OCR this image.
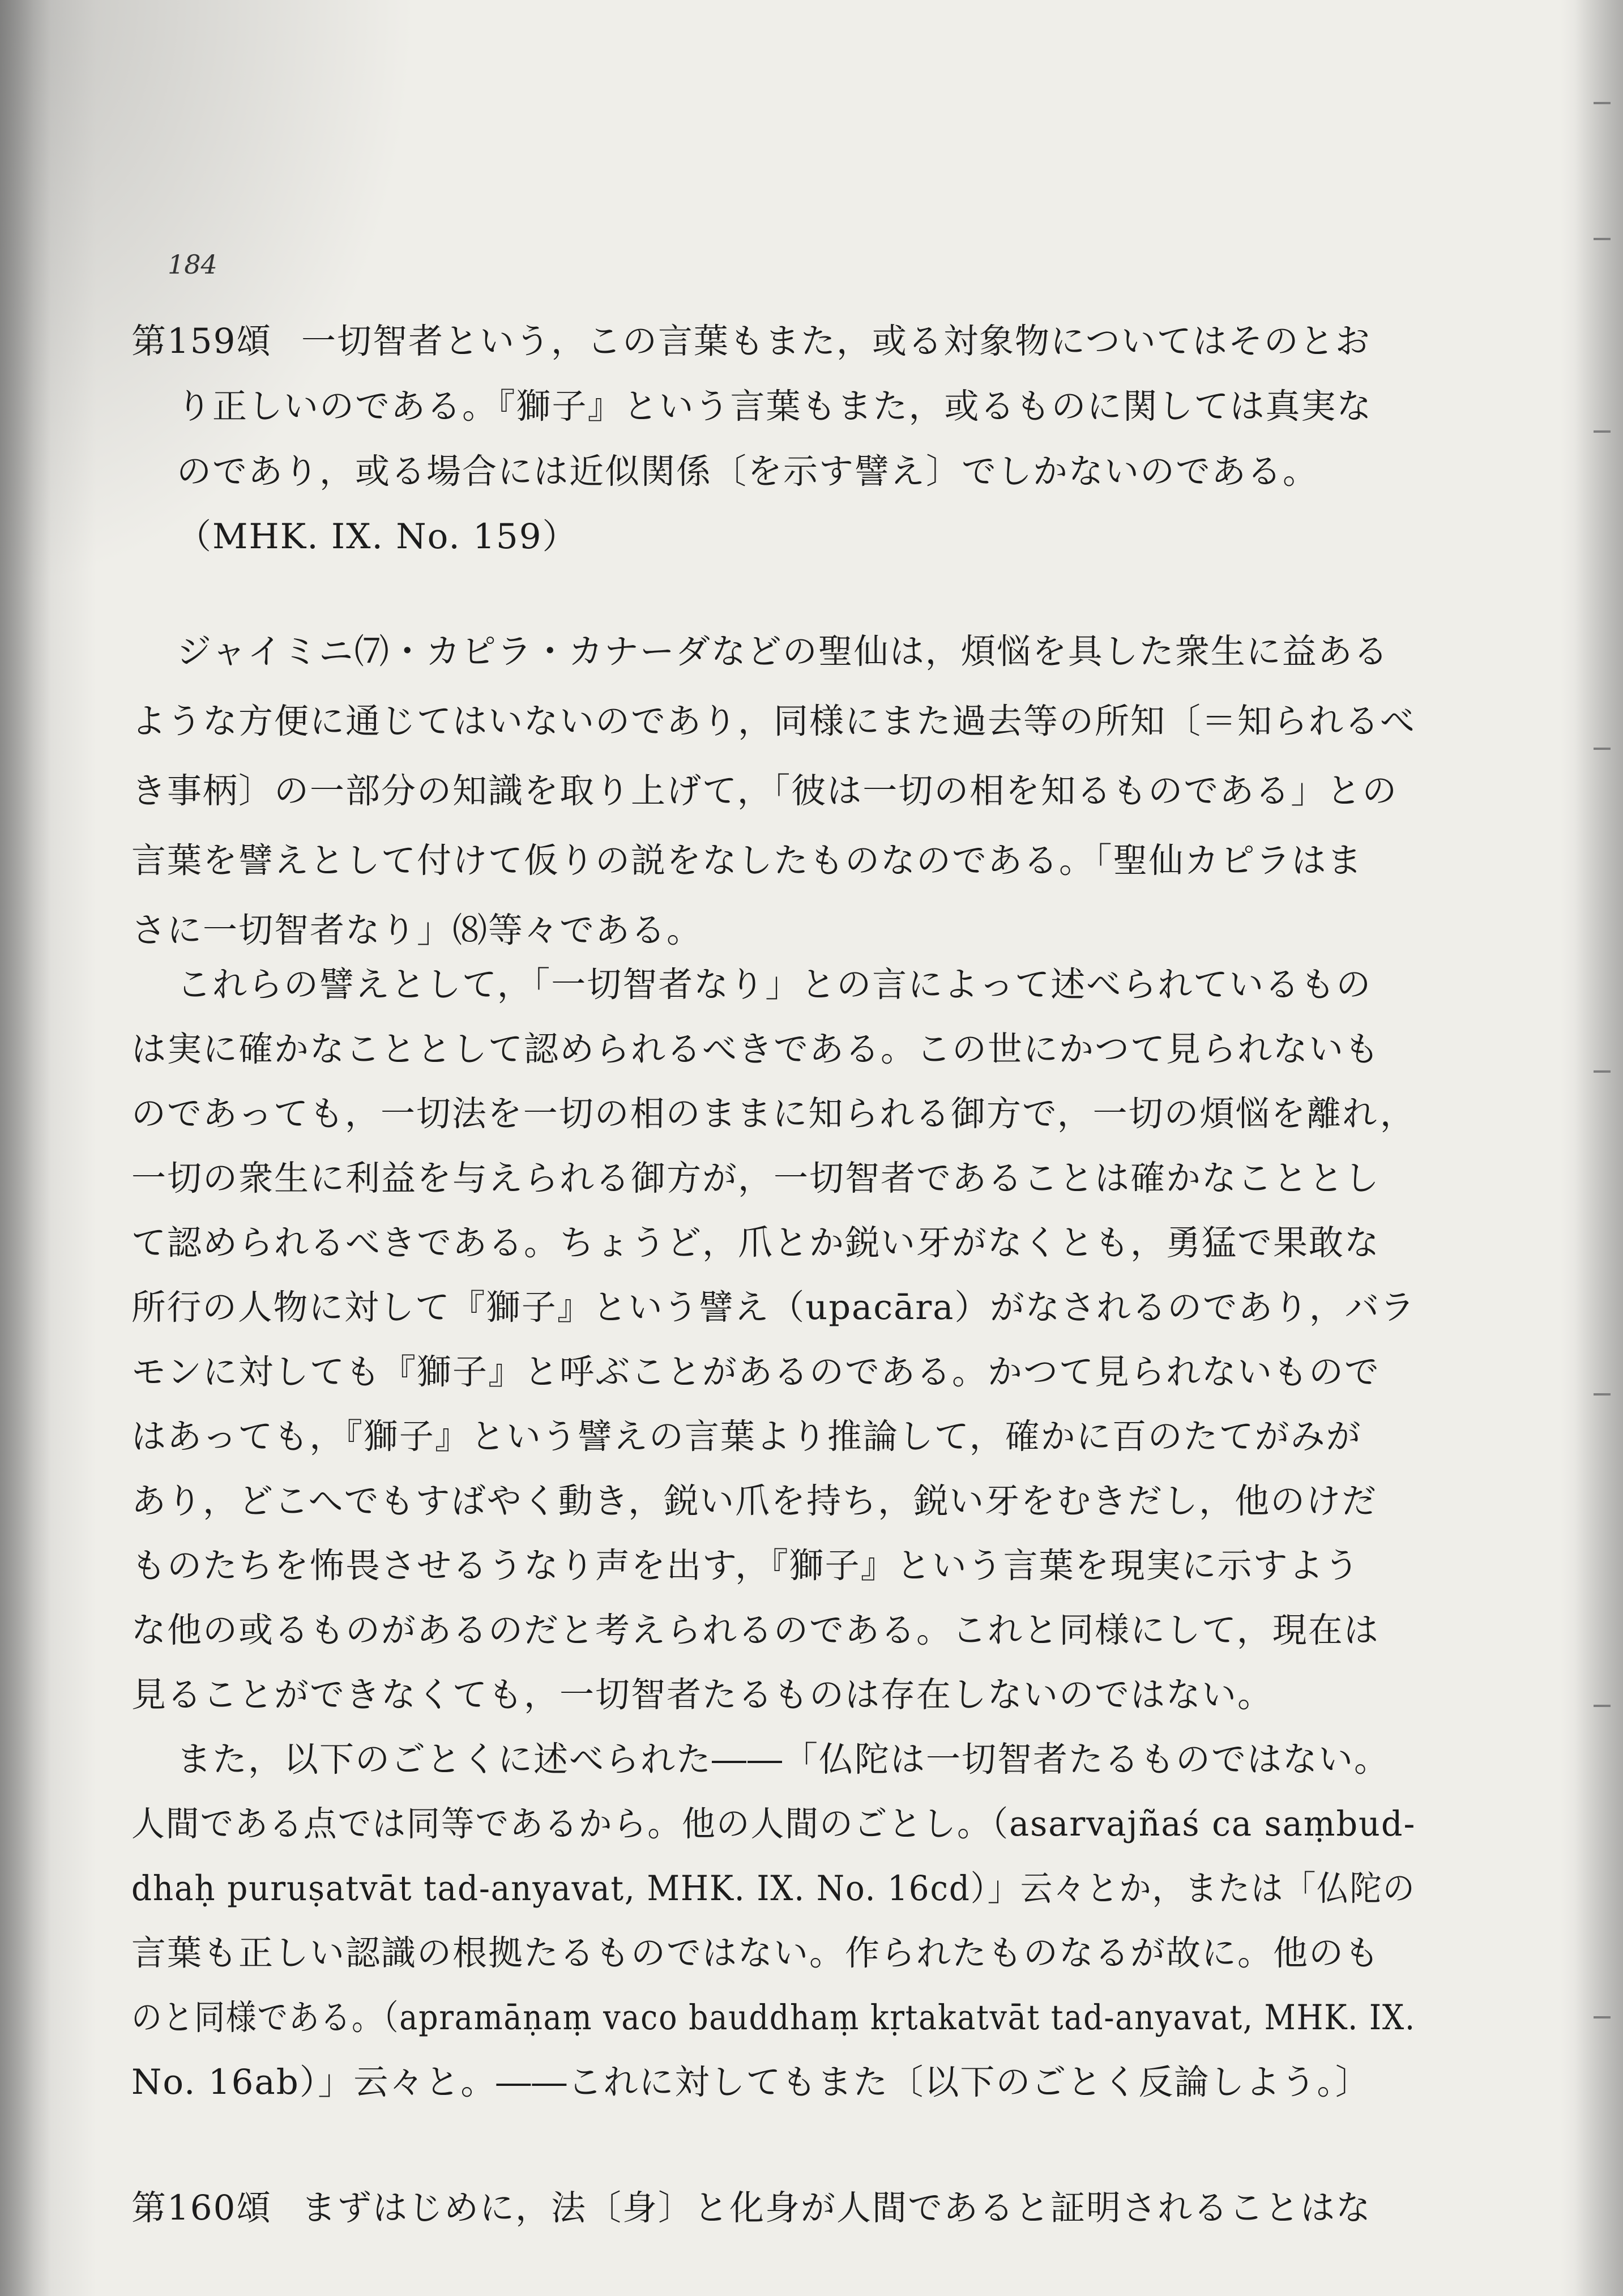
184

第159頌 一切智者という，この言葉もまた，或る対象物についてはそのとお
り正しいのである。『獅子』という言葉もまた，或るものに関しては真実な
のであり，或る場合には近似関係〔を示す譬え〕でしかないのである。
（MHK. IX. No. 159）
ジャイミニ⑺・カピラ・カナーダなどの聖仙は，煩悩を具した衆生に益ある
ような方便に通じてはいないのであり，同様にまた過去等の所知〔＝知られるべ
き事柄〕の一部分の知識を取り上げて，「彼は一切の相を知るものである」との
言葉を譬えとして付けて仮りの説をなしたものなのである。「聖仙カピラはま
さに一切智者なり」⑻等々である。
これらの譬えとして，「一切智者なり」との言によって述べられているもの
は実に確かなこととして認められるべきである。この世にかつて見られないも
のであっても，一切法を一切の相のままに知られる御方で，一切の煩悩を離れ，
一切の衆生に利益を与えられる御方が，一切智者であることは確かなこととし
て認められるべきである。ちょうど，爪とか鋭い牙がなくとも，勇猛で果敢な
所行の人物に対して『獅子』という譬え（upacāra）がなされるのであり，バラ
モンに対しても『獅子』と呼ぶことがあるのである。かつて見られないもので
はあっても，『獅子』という譬えの言葉より推論して，確かに百のたてがみが
あり，どこへでもすばやく動き，鋭い爪を持ち，鋭い牙をむきだし，他のけだ
ものたちを怖畏させるうなり声を出す，『獅子』という言葉を現実に示すよう
な他の或るものがあるのだと考えられるのである。これと同様にして，現在は
見ることができなくても，一切智者たるものは存在しないのではない。
また，以下のごとくに述べられた――「仏陀は一切智者たるものではない。
人間である点では同等であるから。他の人間のごとし。（asarvajñaś ca saṃbud-
dhaḥ puruṣatvāt tad-anyavat, MHK. IX. No. 16cd）」云々とか，または「仏陀の
言葉も正しい認識の根拠たるものではない。作られたものなるが故に。他のも
のと同様である。（apramāṇaṃ vaco bauddhaṃ kṛtakatvāt tad-anyavat, MHK. IX.
No. 16ab）」云々と。――これに対してもまた〔以下のごとく反論しよう。〕
第160頌 まずはじめに，法〔身〕と化身が人間であると証明されることはな
